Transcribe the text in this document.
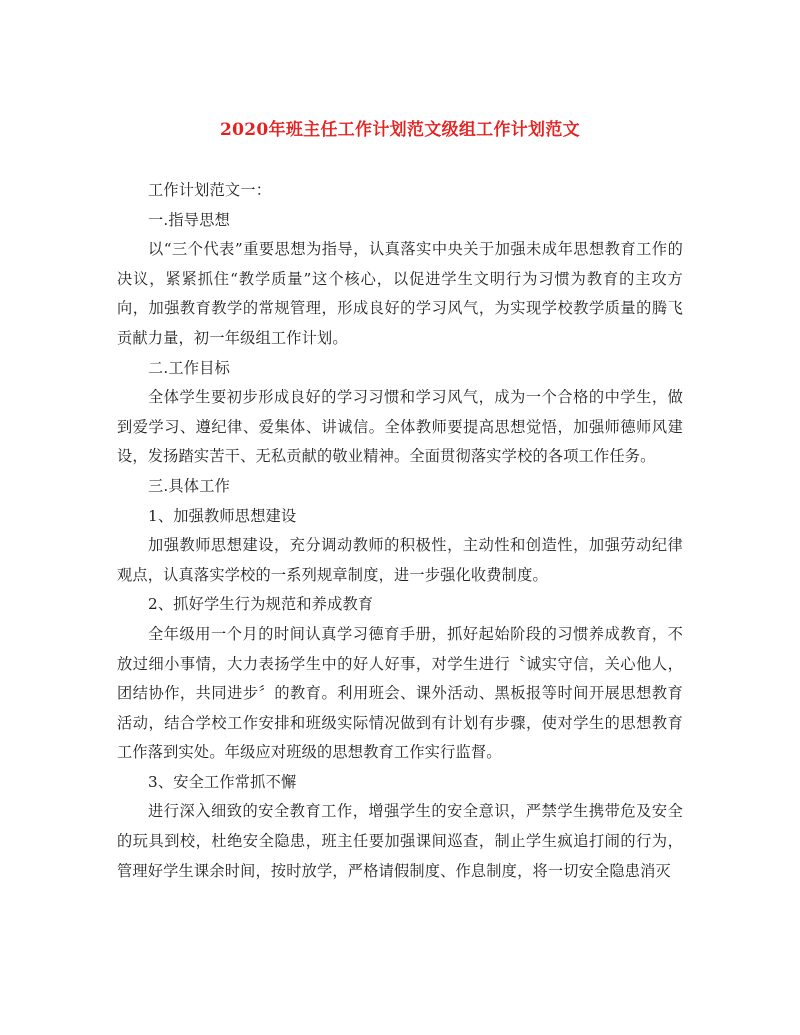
2020年班主任工作计划范文级组工作计划范文

工作计划范文一：

一.指导思想

以“三个代表”重要思想为指导，认真落实中央关于加强未成年思想教育工作的决议，紧紧抓住“教学质量”这个核心，以促进学生文明行为习惯为教育的主攻方向，加强教育教学的常规管理，形成良好的学习风气，为实现学校教学质量的腾飞贡献力量，初一年级组工作计划。

二.工作目标

全体学生要初步形成良好的学习习惯和学习风气，成为一个合格的中学生，做到爱学习、遵纪律、爱集体、讲诚信。全体教师要提高思想觉悟，加强师德师风建设，发扬踏实苦干、无私贡献的敬业精神。全面贯彻落实学校的各项工作任务。

三.具体工作

1、加强教师思想建设

加强教师思想建设，充分调动教师的积极性，主动性和创造性，加强劳动纪律观点，认真落实学校的一系列规章制度，进一步强化收费制度。

2、抓好学生行为规范和养成教育

全年级用一个月的时间认真学习德育手册，抓好起始阶段的习惯养成教育，不放过细小事情，大力表扬学生中的好人好事，对学生进行〝诚实守信，关心他人，团结协作，共同进步〞的教育。利用班会、课外活动、黑板报等时间开展思想教育活动，结合学校工作安排和班级实际情况做到有计划有步骤，使对学生的思想教育工作落到实处。年级应对班级的思想教育工作实行监督。

3、安全工作常抓不懈

进行深入细致的安全教育工作，增强学生的安全意识，严禁学生携带危及安全的玩具到校，杜绝安全隐患，班主任要加强课间巡查，制止学生疯追打闹的行为，管理好学生课余时间，按时放学，严格请假制度、作息制度，将一切安全隐患消灭
